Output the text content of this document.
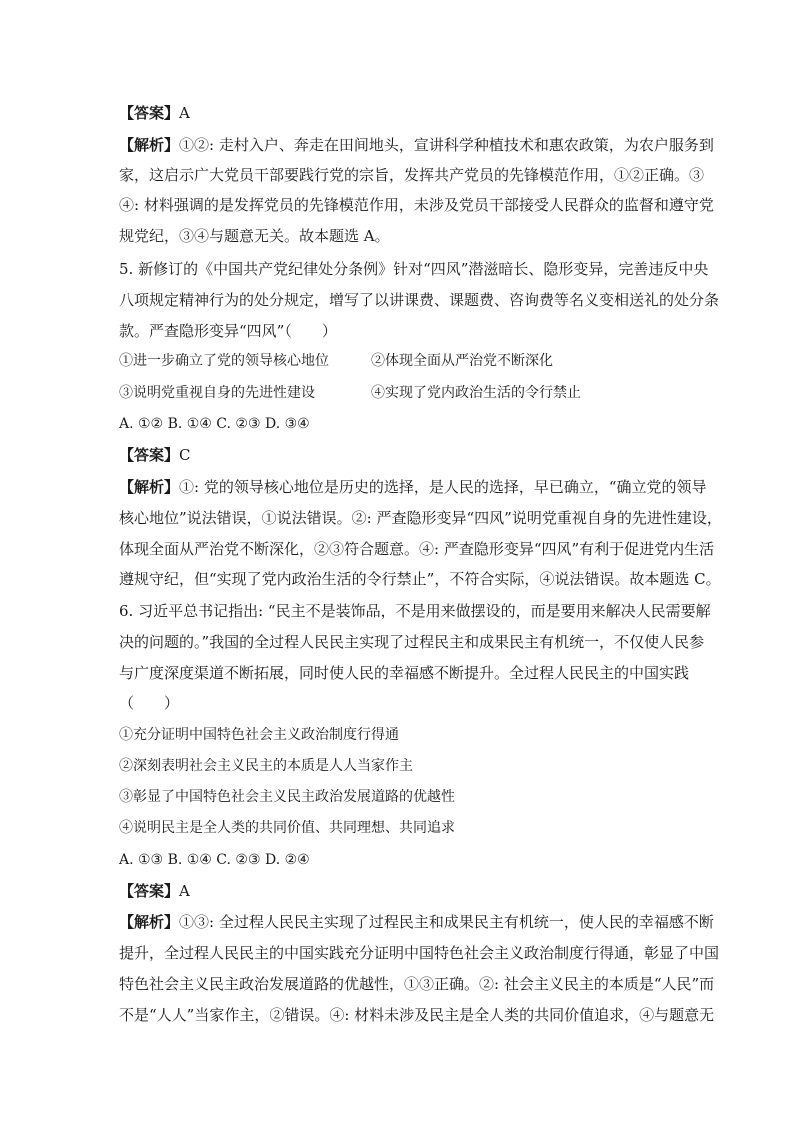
【答案】A
【解析】①②: 走村入户、奔走在田间地头，宣讲科学种植技术和惠农政策，为农户服务到
家，这启示广大党员干部要践行党的宗旨，发挥共产党员的先锋模范作用，①②正确。③
④: 材料强调的是发挥党员的先锋模范作用，未涉及党员干部接受人民群众的监督和遵守党
规党纪，③④与题意无关。故本题选 A。
5. 新修订的《中国共产党纪律处分条例》针对“四风”潜滋暗长、隐形变异，完善违反中央
八项规定精神行为的处分规定，增写了以讲课费、课题费、咨询费等名义变相送礼的处分条
款。严查隐形变异“四风”（　　）
①进一步确立了党的领导核心地位	②体现全面从严治党不断深化
③说明党重视自身的先进性建设	④实现了党内政治生活的令行禁止
A. ①② B. ①④ C. ②③ D. ③④
【答案】C
【解析】①: 党的领导核心地位是历史的选择，是人民的选择，早已确立，“确立党的领导
核心地位”说法错误，①说法错误。②: 严查隐形变异“四风”说明党重视自身的先进性建设，
体现全面从严治党不断深化，②③符合题意。④: 严查隐形变异“四风”有利于促进党内生活
遵规守纪，但“实现了党内政治生活的令行禁止”，不符合实际，④说法错误。故本题选 C。
6. 习近平总书记指出: “民主不是装饰品，不是用来做摆设的，而是要用来解决人民需要解
决的问题的。”我国的全过程人民民主实现了过程民主和成果民主有机统一，不仅使人民参
与广度深度渠道不断拓展，同时使人民的幸福感不断提升。全过程人民民主的中国实践
（　　）
①充分证明中国特色社会主义政治制度行得通
②深刻表明社会主义民主的本质是人人当家作主
③彰显了中国特色社会主义民主政治发展道路的优越性
④说明民主是全人类的共同价值、共同理想、共同追求
A. ①③ B. ①④ C. ②③ D. ②④
【答案】A
【解析】①③: 全过程人民民主实现了过程民主和成果民主有机统一，使人民的幸福感不断
提升，全过程人民民主的中国实践充分证明中国特色社会主义政治制度行得通，彰显了中国
特色社会主义民主政治发展道路的优越性，①③正确。②: 社会主义民主的本质是“人民”而
不是“人人”当家作主，②错误。④: 材料未涉及民主是全人类的共同价值追求，④与题意无
